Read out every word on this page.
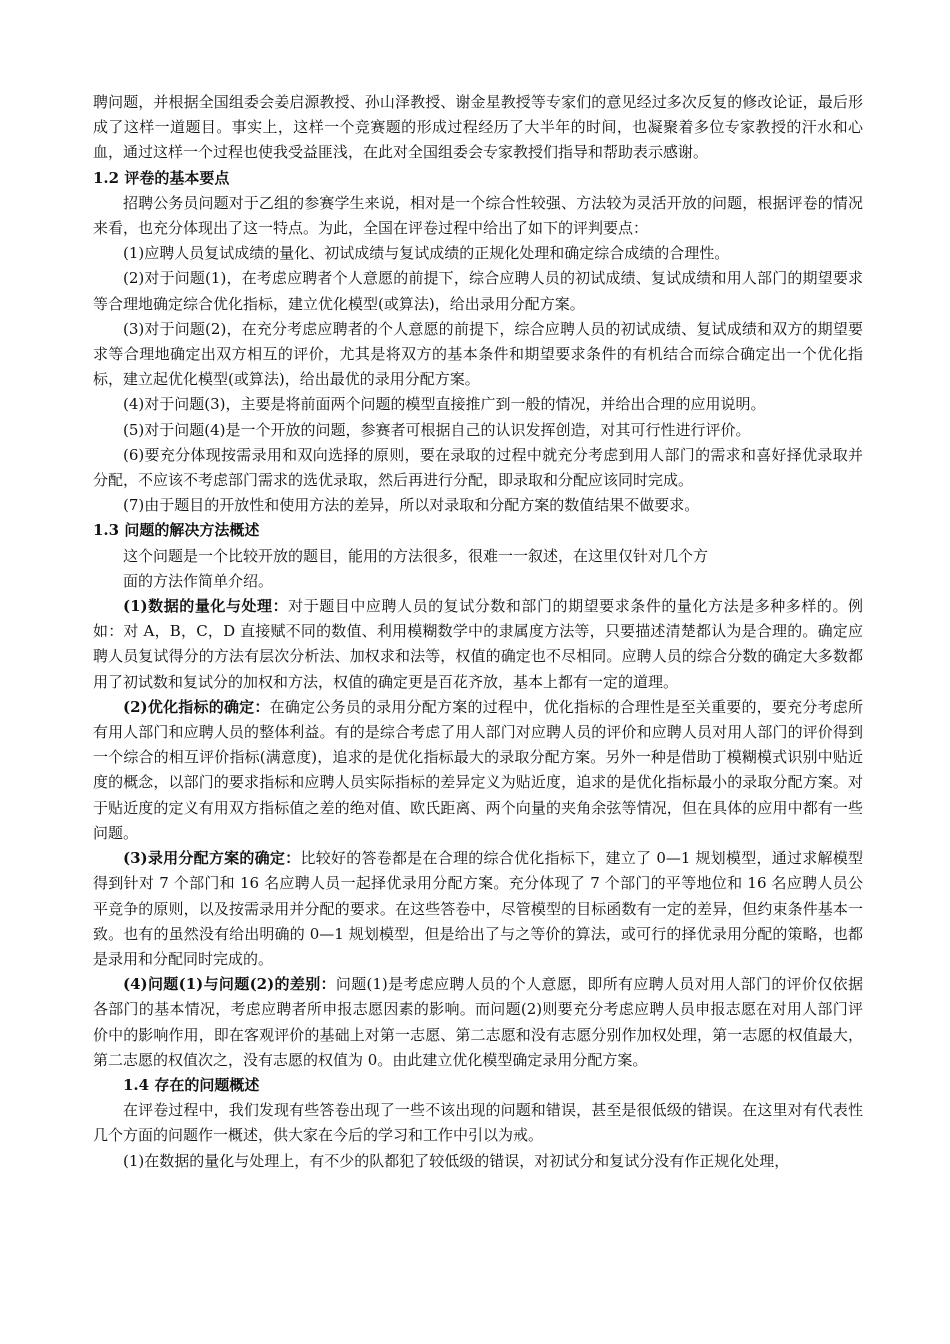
聘问题，并根据全国组委会姜启源教授、孙山泽教授、谢金星教授等专家们的意见经过多次反复的修改论证，最后形成了这样一道题目。事实上，这样一个竞赛题的形成过程经历了大半年的时间，也凝聚着多位专家教授的汗水和心血，通过这样一个过程也使我受益匪浅，在此对全国组委会专家教授们指导和帮助表示感谢。

1.2 评卷的基本要点

招聘公务员问题对于乙组的参赛学生来说，相对是一个综合性较强、方法较为灵活开放的问题，根据评卷的情况来看，也充分体现出了这一特点。为此，全国在评卷过程中给出了如下的评判要点：

(1)应聘人员复试成绩的量化、初试成绩与复试成绩的正规化处理和确定综合成绩的合理性。

(2)对于问题(1)，在考虑应聘者个人意愿的前提下，综合应聘人员的初试成绩、复试成绩和用人部门的期望要求等合理地确定综合优化指标，建立优化模型(或算法)，给出录用分配方案。

(3)对于问题(2)，在充分考虑应聘者的个人意愿的前提下，综合应聘人员的初试成绩、复试成绩和双方的期望要求等合理地确定出双方相互的评价，尤其是将双方的基本条件和期望要求条件的有机结合而综合确定出一个优化指标，建立起优化模型(或算法)，给出最优的录用分配方案。

(4)对于问题(3)，主要是将前面两个问题的模型直接推广到一般的情况，并给出合理的应用说明。

(5)对于问题(4)是一个开放的问题，参赛者可根据自己的认识发挥创造，对其可行性进行评价。

(6)要充分体现按需录用和双向选择的原则，要在录取的过程中就充分考虑到用人部门的需求和喜好择优录取并分配，不应该不考虑部门需求的选优录取，然后再进行分配，即录取和分配应该同时完成。

(7)由于题目的开放性和使用方法的差异，所以对录取和分配方案的数值结果不做要求。

1.3 问题的解决方法概述

这个问题是一个比较开放的题目，能用的方法很多，很难一一叙述，在这里仅针对几个方

面的方法作简单介绍。

(1)数据的量化与处理：对于题目中应聘人员的复试分数和部门的期望要求条件的量化方法是多种多样的。例如：对 A，B，C，D 直接赋不同的数值、利用模糊数学中的隶属度方法等，只要描述清楚都认为是合理的。确定应聘人员复试得分的方法有层次分析法、加权求和法等，权值的确定也不尽相同。应聘人员的综合分数的确定大多数都用了初试数和复试分的加权和方法，权值的确定更是百花齐放，基本上都有一定的道理。

(2)优化指标的确定：在确定公务员的录用分配方案的过程中，优化指标的合理性是至关重要的，要充分考虑所有用人部门和应聘人员的整体利益。有的是综合考虑了用人部门对应聘人员的评价和应聘人员对用人部门的评价得到一个综合的相互评价指标(满意度)，追求的是优化指标最大的录取分配方案。另外一种是借助丁模糊模式识别中贴近度的概念，以部门的要求指标和应聘人员实际指标的差异定义为贴近度，追求的是优化指标最小的录取分配方案。对于贴近度的定义有用双方指标值之差的绝对值、欧氏距离、两个向量的夹角余弦等情况，但在具体的应用中都有一些问题。

(3)录用分配方案的确定：比较好的答卷都是在合理的综合优化指标下，建立了 0—1 规划模型，通过求解模型得到针对 7 个部门和 16 名应聘人员一起择优录用分配方案。充分体现了 7 个部门的平等地位和 16 名应聘人员公平竞争的原则，以及按需录用并分配的要求。在这些答卷中，尽管模型的目标函数有一定的差异，但约束条件基本一致。也有的虽然没有给出明确的 0—1 规划模型，但是给出了与之等价的算法，或可行的择优录用分配的策略，也都是录用和分配同时完成的。

(4)问题(1)与问题(2)的差别：问题(1)是考虑应聘人员的个人意愿，即所有应聘人员对用人部门的评价仅依据各部门的基本情况，考虑应聘者所申报志愿因素的影响。而问题(2)则要充分考虑应聘人员申报志愿在对用人部门评价中的影响作用，即在客观评价的基础上对第一志愿、第二志愿和没有志愿分别作加权处理，第一志愿的权值最大，第二志愿的权值次之，没有志愿的权值为 0。由此建立优化模型确定录用分配方案。

1.4 存在的问题概述

在评卷过程中，我们发现有些答卷出现了一些不该出现的问题和错误，甚至是很低级的错误。在这里对有代表性几个方面的问题作一概述，供大家在今后的学习和工作中引以为戒。

(1)在数据的量化与处理上，有不少的队都犯了较低级的错误，对初试分和复试分没有作正规化处理，
